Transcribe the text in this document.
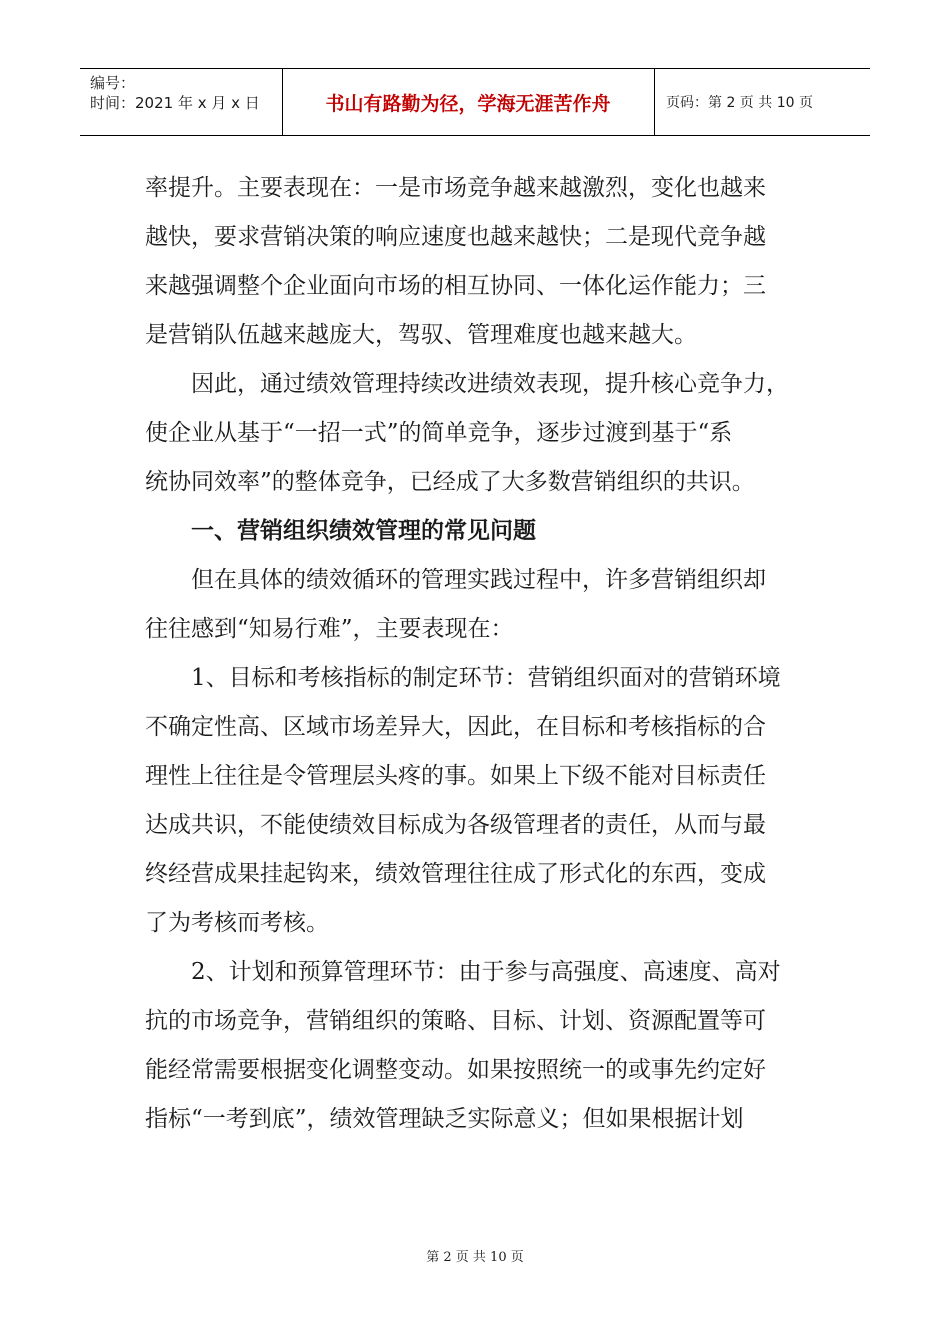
编号：
时间：2021 年 x 月 x 日	书山有路勤为径，学海无涯苦作舟	页码：第 2 页 共 10 页
率提升。主要表现在：一是市场竞争越来越激烈，变化也越来
越快，要求营销决策的响应速度也越来越快；二是现代竞争越
来越强调整个企业面向市场的相互协同、一体化运作能力；三
是营销队伍越来越庞大，驾驭、管理难度也越来越大。
因此，通过绩效管理持续改进绩效表现，提升核心竞争力，
使企业从基于“一招一式”的简单竞争，逐步过渡到基于“系
统协同效率”的整体竞争，已经成了大多数营销组织的共识。
一、营销组织绩效管理的常见问题
但在具体的绩效循环的管理实践过程中，许多营销组织却
往往感到“知易行难”，主要表现在：
1、目标和考核指标的制定环节：营销组织面对的营销环境
不确定性高、区域市场差异大，因此，在目标和考核指标的合
理性上往往是令管理层头疼的事。如果上下级不能对目标责任
达成共识，不能使绩效目标成为各级管理者的责任，从而与最
终经营成果挂起钩来，绩效管理往往成了形式化的东西，变成
了为考核而考核。
2、计划和预算管理环节：由于参与高强度、高速度、高对
抗的市场竞争，营销组织的策略、目标、计划、资源配置等可
能经常需要根据变化调整变动。如果按照统一的或事先约定好
指标“一考到底”，绩效管理缺乏实际意义；但如果根据计划
第 2 页 共 10 页
